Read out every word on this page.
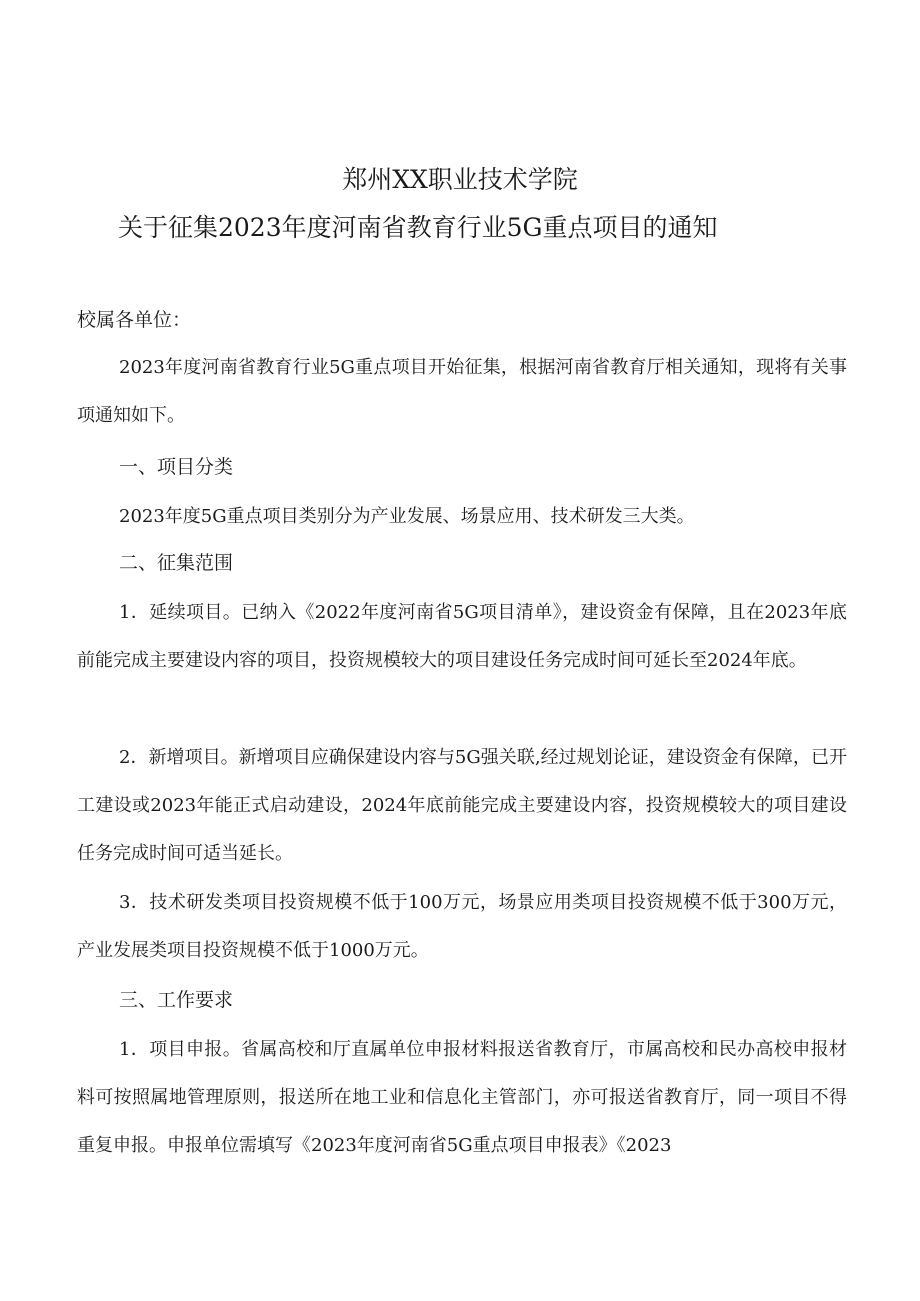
郑州XX职业技术学院
关于征集2023年度河南省教育行业5G重点项目的通知
校属各单位：

2023年度河南省教育行业5G重点项目开始征集，根据河南省教育厅相关通知，现将有关事项通知如下。

一、项目分类

2023年度5G重点项目类别分为产业发展、场景应用、技术研发三大类。

二、征集范围

1．延续项目。已纳入《2022年度河南省5G项目清单》，建设资金有保障，且在2023年底前能完成主要建设内容的项目，投资规模较大的项目建设任务完成时间可延长至2024年底。

2．新增项目。新增项目应确保建设内容与5G强关联,经过规划论证，建设资金有保障，已开工建设或2023年能正式启动建设，2024年底前能完成主要建设内容，投资规模较大的项目建设任务完成时间可适当延长。

3．技术研发类项目投资规模不低于100万元，场景应用类项目投资规模不低于300万元，产业发展类项目投资规模不低于1000万元。

三、工作要求

1．项目申报。省属高校和厅直属单位申报材料报送省教育厅，市属高校和民办高校申报材料可按照属地管理原则，报送所在地工业和信息化主管部门，亦可报送省教育厅，同一项目不得重复申报。申报单位需填写《2023年度河南省5G重点项目申报表》《2023
